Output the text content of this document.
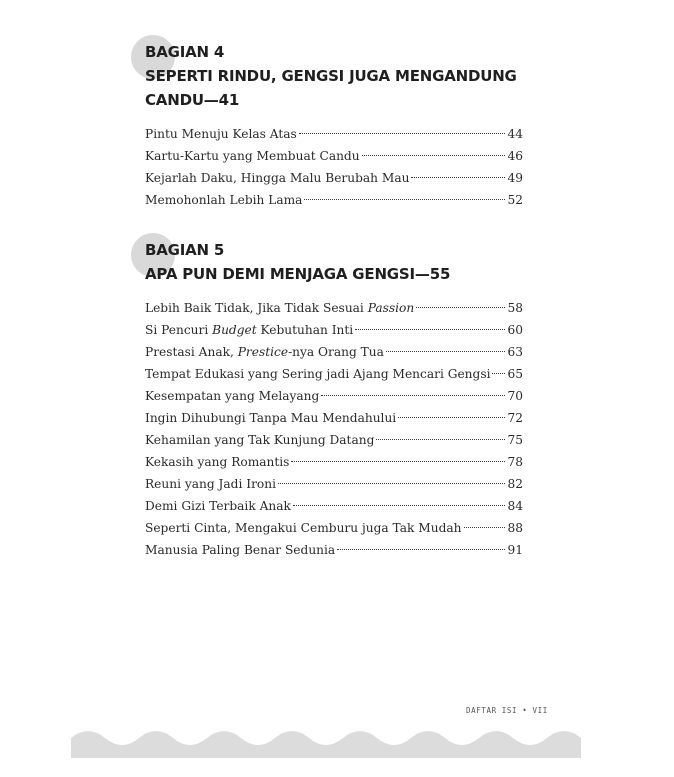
BAGIAN 4
SEPERTI RINDU, GENGSI JUGA MENGANDUNG
CANDU—41
Pintu Menuju Kelas Atas	44
Kartu-Kartu yang Membuat Candu	46
Kejarlah Daku, Hingga Malu Berubah Mau	49
Memohonlah Lebih Lama	52
BAGIAN 5
APA PUN DEMI MENJAGA GENGSI—55
Lebih Baik Tidak, Jika Tidak Sesuai Passion	58
Si Pencuri Budget Kebutuhan Inti	60
Prestasi Anak, Prestice-nya Orang Tua	63
Tempat Edukasi yang Sering jadi Ajang Mencari Gengsi 65
Kesempatan yang Melayang	70
Ingin Dihubungi Tanpa Mau Mendahului	72
Kehamilan yang Tak Kunjung Datang	75
Kekasih yang Romantis	78
Reuni yang Jadi Ironi	82
Demi Gizi Terbaik Anak	84
Seperti Cinta, Mengakui Cemburu juga Tak Mudah	88
Manusia Paling Benar Sedunia	91
DAFTAR ISI • VII
